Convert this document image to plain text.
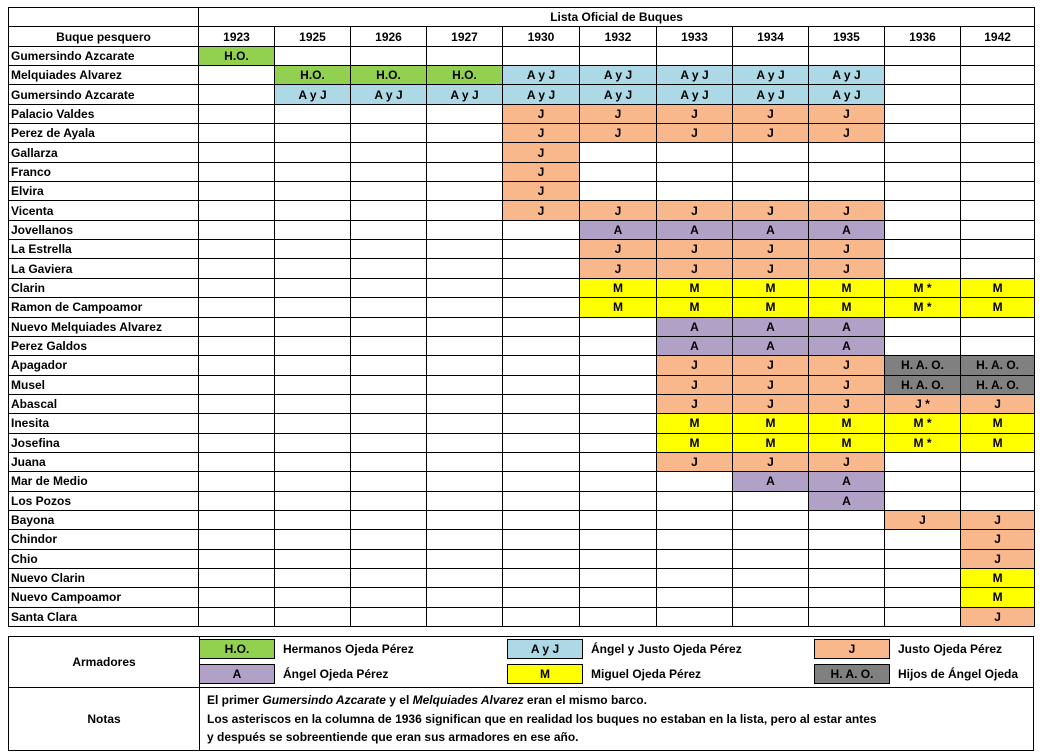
	Lista Oficial de Buques										
Buque pesquero	1923	1925	1926	1927	1930	1932	1933	1934	1935	1936	1942
Gumersindo Azcarate	H.O.										
Melquiades Alvarez		H.O.	H.O.	H.O.	A y J	A y J	A y J	A y J	A y J		
Gumersindo Azcarate		A y J	A y J	A y J	A y J	A y J	A y J	A y J	A y J		
Palacio Valdes					J	J	J	J	J		
Perez de Ayala					J	J	J	J	J		
Gallarza					J						
Franco					J						
Elvira					J						
Vicenta					J	J	J	J	J		
Jovellanos						A	A	A	A		
La Estrella						J	J	J	J		
La Gaviera						J	J	J	J		
Clarin						M	M	M	M	M *	M
Ramon de Campoamor						M	M	M	M	M *	M
Nuevo Melquiades Alvarez							A	A	A		
Perez Galdos							A	A	A		
Apagador							J	J	J	H. A. O.	H. A. O.
Musel							J	J	J	H. A. O.	H. A. O.
Abascal							J	J	J	J *	J
Inesita							M	M	M	M *	M
Josefina							M	M	M	M *	M
Juana							J	J	J		
Mar de Medio								A	A		
Los Pozos									A		
Bayona										J	J
Chindor											J
Chio											J
Nuevo Clarin											M
Nuevo Campoamor											M
Santa Clara											J
Armadores
H.O.	Hermanos Ojeda Pérez	A y J	Ángel y Justo Ojeda Pérez	J	Justo Ojeda Pérez
A	Ángel Ojeda Pérez	M	Miguel Ojeda Pérez	H. A. O.	Hijos de Ángel Ojeda
Notas
El primer Gumersindo Azcarate y el Melquiades Alvarez eran el mismo barco.
Los asteriscos en la columna de 1936 significan que en realidad los buques no estaban en la lista, pero al estar antes
y después se sobreentiende que eran sus armadores en ese año.
